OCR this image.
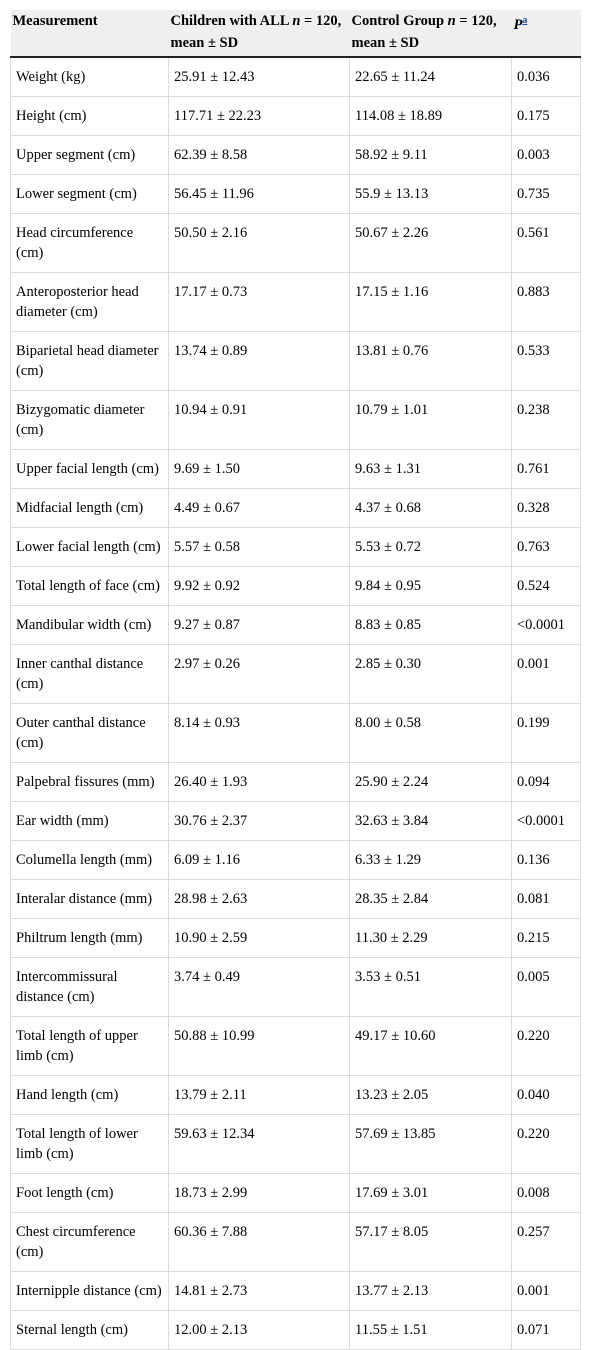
Measurement	Children with ALL n = 120, mean ± SD	Control Group n = 120, mean ± SD	$P^a$
Weight (kg)	25.91 ± 12.43	22.65 ± 11.24	0.036
Height (cm)	117.71 ± 22.23	114.08 ± 18.89	0.175
Upper segment (cm)	62.39 ± 8.58	58.92 ± 9.11	0.003
Lower segment (cm)	56.45 ± 11.96	55.9 ± 13.13	0.735
Head circumference (cm)	50.50 ± 2.16	50.67 ± 2.26	0.561
Anteroposterior head diameter (cm)	17.17 ± 0.73	17.15 ± 1.16	0.883
Biparietal head diameter (cm)	13.74 ± 0.89	13.81 ± 0.76	0.533
Bizygomatic diameter (cm)	10.94 ± 0.91	10.79 ± 1.01	0.238
Upper facial length (cm)	9.69 ± 1.50	9.63 ± 1.31	0.761
Midfacial length (cm)	4.49 ± 0.67	4.37 ± 0.68	0.328
Lower facial length (cm)	5.57 ± 0.58	5.53 ± 0.72	0.763
Total length of face (cm)	9.92 ± 0.92	9.84 ± 0.95	0.524
Mandibular width (cm)	9.27 ± 0.87	8.83 ± 0.85	<0.0001
Inner canthal distance (cm)	2.97 ± 0.26	2.85 ± 0.30	0.001
Outer canthal distance (cm)	8.14 ± 0.93	8.00 ± 0.58	0.199
Palpebral fissures (mm)	26.40 ± 1.93	25.90 ± 2.24	0.094
Ear width (mm)	30.76 ± 2.37	32.63 ± 3.84	<0.0001
Columella length (mm)	6.09 ± 1.16	6.33 ± 1.29	0.136
Interalar distance (mm)	28.98 ± 2.63	28.35 ± 2.84	0.081
Philtrum length (mm)	10.90 ± 2.59	11.30 ± 2.29	0.215
Intercommissural distance (cm)	3.74 ± 0.49	3.53 ± 0.51	0.005
Total length of upper limb (cm)	50.88 ± 10.99	49.17 ± 10.60	0.220
Hand length (cm)	13.79 ± 2.11	13.23 ± 2.05	0.040
Total length of lower limb (cm)	59.63 ± 12.34	57.69 ± 13.85	0.220
Foot length (cm)	18.73 ± 2.99	17.69 ± 3.01	0.008
Chest circumference (cm)	60.36 ± 7.88	57.17 ± 8.05	0.257
Internipple distance (cm)	14.81 ± 2.73	13.77 ± 2.13	0.001
Sternal length (cm)	12.00 ± 2.13	11.55 ± 1.51	0.071
